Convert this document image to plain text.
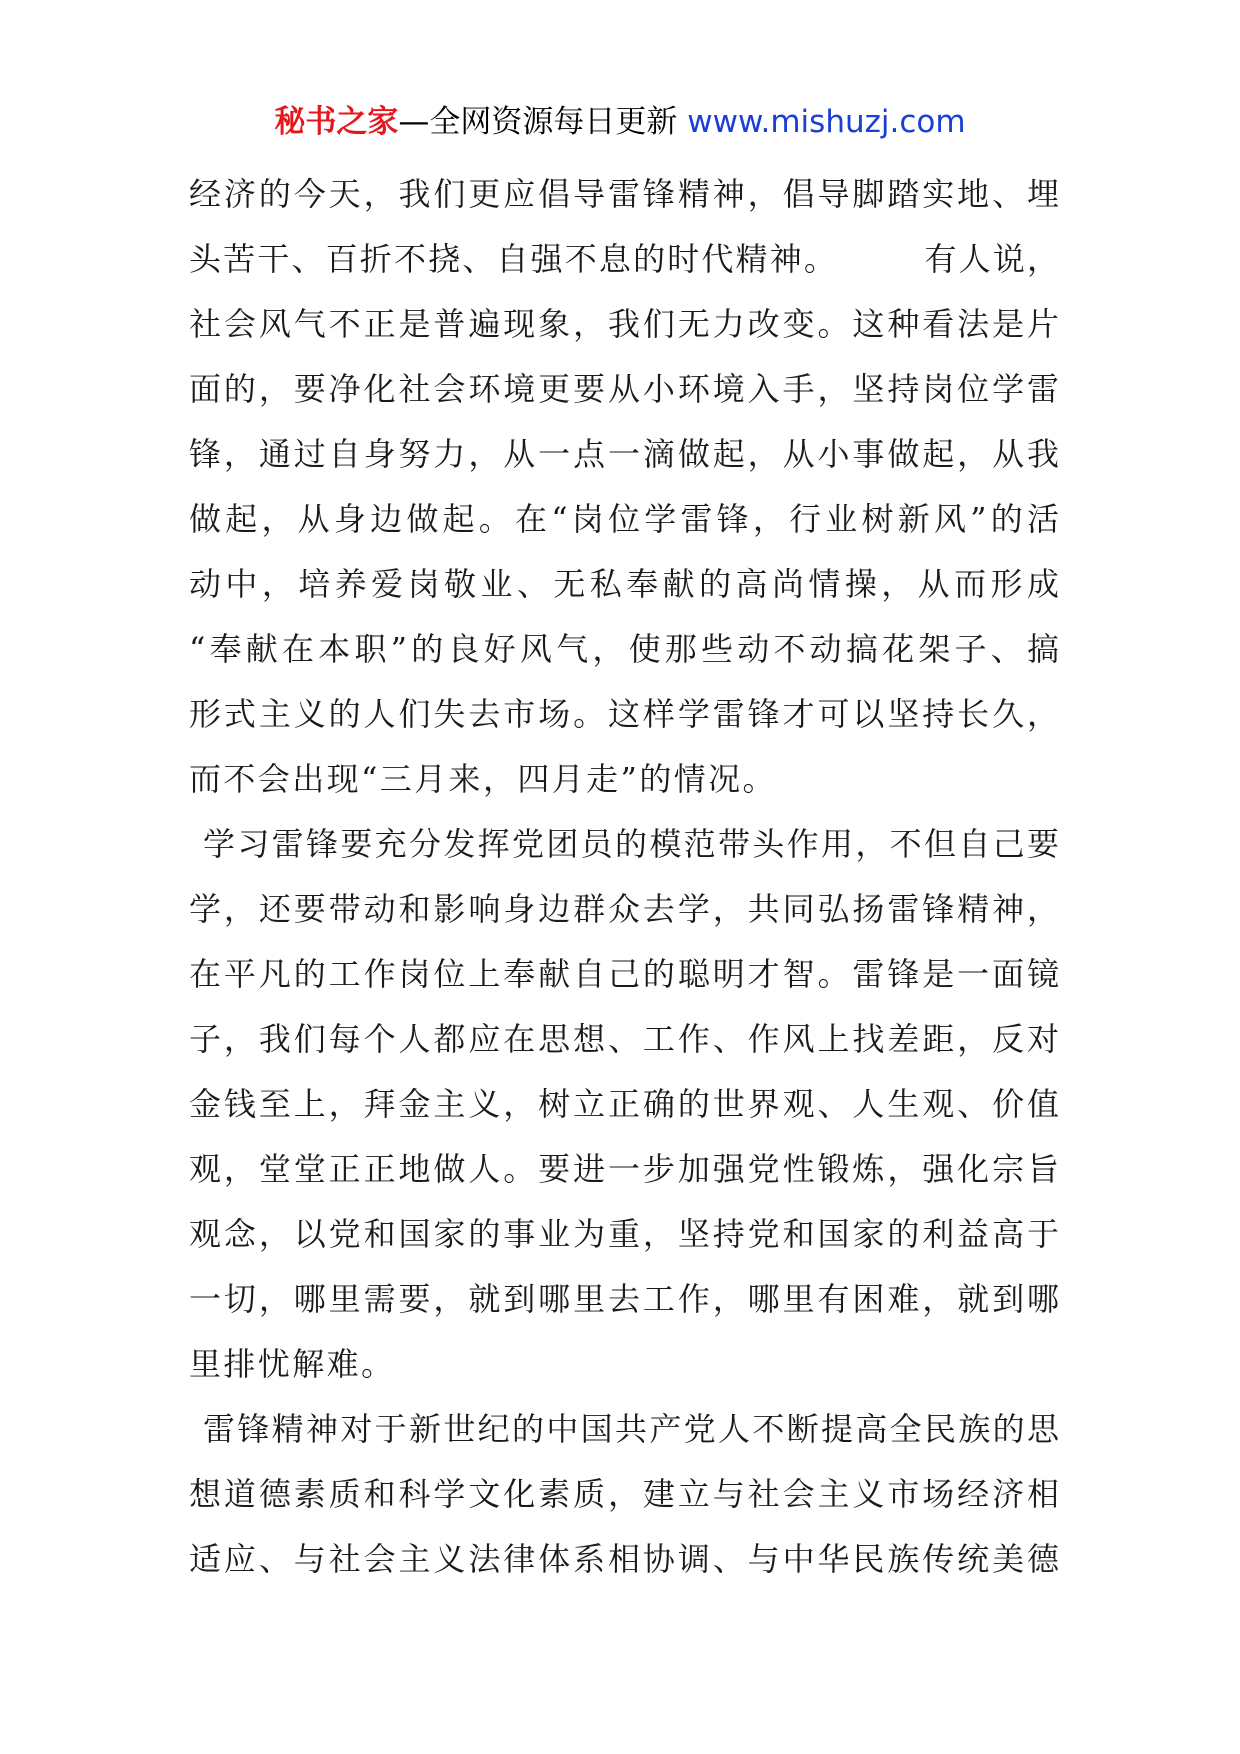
秘书之家—全网资源每日更新 www.mishuzj.com
经济的今天，我们更应倡导雷锋精神，倡导脚踏实地、埋
头苦干、百折不挠、自强不息的时代精神。　　　有人说，
社会风气不正是普遍现象，我们无力改变。这种看法是片
面的，要净化社会环境更要从小环境入手，坚持岗位学雷
锋，通过自身努力，从一点一滴做起，从小事做起，从我
做起，从身边做起。在“岗位学雷锋，行业树新风”的活
动中，培养爱岗敬业、无私奉献的高尚情操，从而形成
“奉献在本职”的良好风气，使那些动不动搞花架子、搞
形式主义的人们失去市场。这样学雷锋才可以坚持长久，
而不会出现“三月来，四月走”的情况。
学习雷锋要充分发挥党团员的模范带头作用，不但自己要
学，还要带动和影响身边群众去学，共同弘扬雷锋精神，
在平凡的工作岗位上奉献自己的聪明才智。雷锋是一面镜
子，我们每个人都应在思想、工作、作风上找差距，反对
金钱至上，拜金主义，树立正确的世界观、人生观、价值
观，堂堂正正地做人。要进一步加强党性锻炼，强化宗旨
观念，以党和国家的事业为重，坚持党和国家的利益高于
一切，哪里需要，就到哪里去工作，哪里有困难，就到哪
里排忧解难。
雷锋精神对于新世纪的中国共产党人不断提高全民族的思
想道德素质和科学文化素质，建立与社会主义市场经济相
适应、与社会主义法律体系相协调、与中华民族传统美德
